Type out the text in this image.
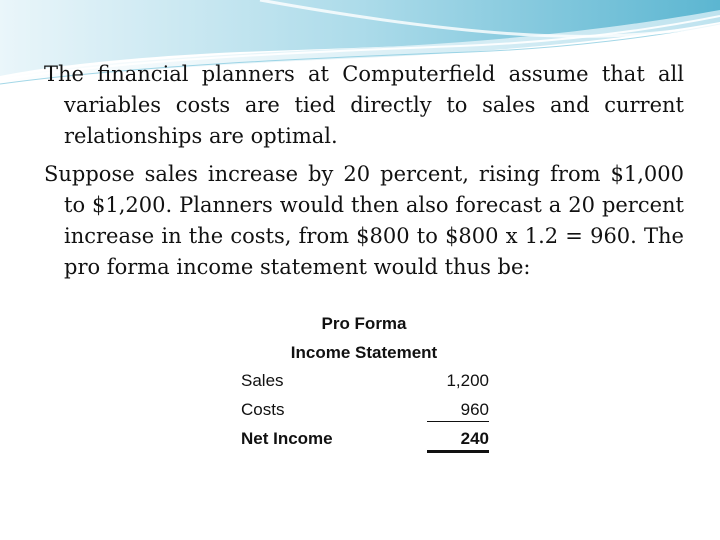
The financial planners at Computerfield assume that all variables costs are tied directly to sales and current relationships are optimal.
Suppose sales increase by 20 percent, rising from $1,000 to $1,200. Planners would then also forecast a 20 percent increase in the costs, from $800 to $800 x 1.2 = 960. The pro forma income statement would thus be:
Pro Forma
Income Statement
Sales	1,200
Costs	960
Net Income	240
